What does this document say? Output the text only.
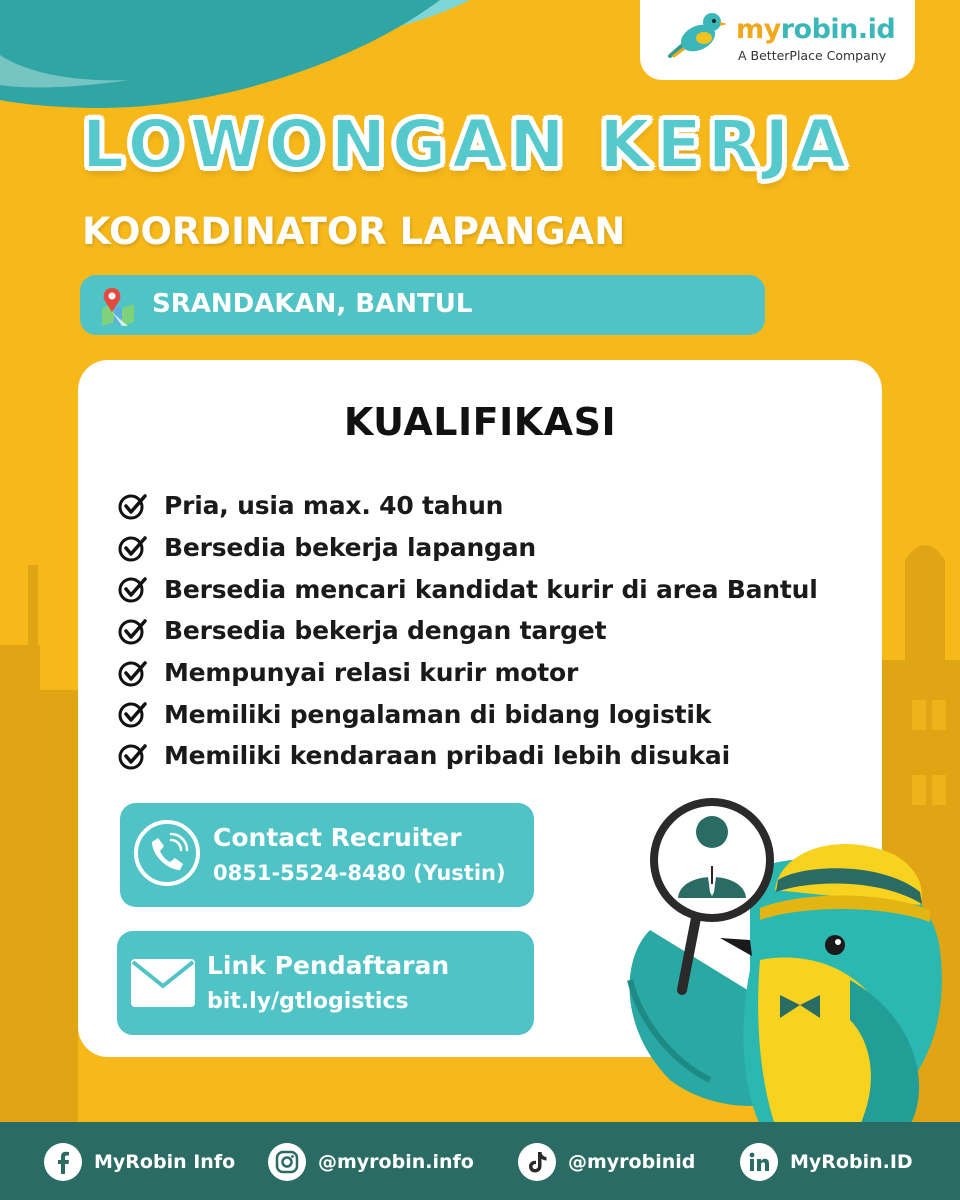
myrobin.id
A BetterPlace Company
LOWONGAN KERJA
KOORDINATOR LAPANGAN
SRANDAKAN, BANTUL
KUALIFIKASI
Pria, usia max. 40 tahun
Bersedia bekerja lapangan
Bersedia mencari kandidat kurir di area Bantul
Bersedia bekerja dengan target
Mempunyai relasi kurir motor
Memiliki pengalaman di bidang logistik
Memiliki kendaraan pribadi lebih disukai
Contact Recruiter
0851-5524-8480 (Yustin)
Link Pendaftaran
bit.ly/gtlogistics
MyRobin Info	@myrobin.info	@myrobinid	MyRobin.ID
